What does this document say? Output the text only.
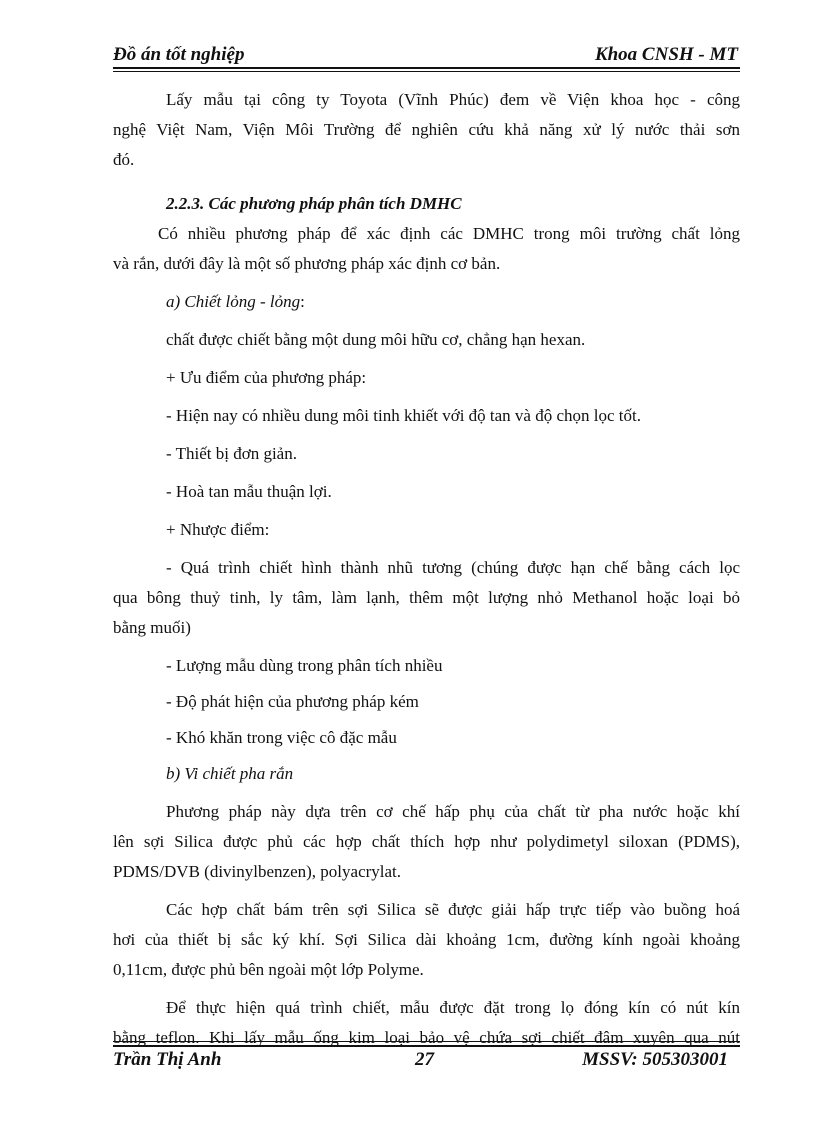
Đồ án tốt nghiệp	Khoa CNSH - MT

Lấy mẫu tại công ty Toyota (Vĩnh Phúc) đem về Viện khoa học - công
nghệ Việt Nam, Viện Môi Trường để nghiên cứu khả năng xử lý nước thải sơn

đó.

2.2.3. Các phương pháp phân tích DMHC

Có nhiều phương pháp để xác định các DMHC trong môi trường chất lỏng

và rắn, dưới đây là một số phương pháp xác định cơ bản.

a) Chiết lỏng - lỏng:

chất được chiết bằng một dung môi hữu cơ, chẳng hạn hexan.

+ Ưu điểm của phương pháp:

- Hiện nay có nhiều dung môi tinh khiết với độ tan và độ chọn lọc tốt.

- Thiết bị đơn giản.

- Hoà tan mẫu thuận lợi.

+ Nhược điểm:

- Quá trình chiết hình thành nhũ tương (chúng được hạn chế bằng cách lọc
qua bông thuỷ tinh, ly tâm, làm lạnh, thêm một lượng nhỏ Methanol hoặc loại bỏ

bằng muối)

- Lượng mẫu dùng trong phân tích nhiều

- Độ phát hiện của phương pháp kém

- Khó khăn trong việc cô đặc mẫu

b) Vi chiết pha rắn

Phương pháp này dựa trên cơ chế hấp phụ của chất từ pha nước hoặc khí
lên sợi Silica được phủ các hợp chất thích hợp như polydimetyl siloxan (PDMS),

PDMS/DVB (divinylbenzen), polyacrylat.

Các hợp chất bám trên sợi Silica sẽ được giải hấp trực tiếp vào buồng hoá
hơi của thiết bị sắc ký khí. Sợi Silica dài khoảng 1cm, đường kính ngoài khoảng

0,11cm, được phủ bên ngoài một lớp Polyme.

Để thực hiện quá trình chiết, mẫu được đặt trong lọ đóng kín có nút kín
bằng teflon. Khi lấy mẫu ống kim loại bảo vệ chứa sợi chiết đâm xuyên qua nút

Trần Thị Anh	27	MSSV: 505303001
